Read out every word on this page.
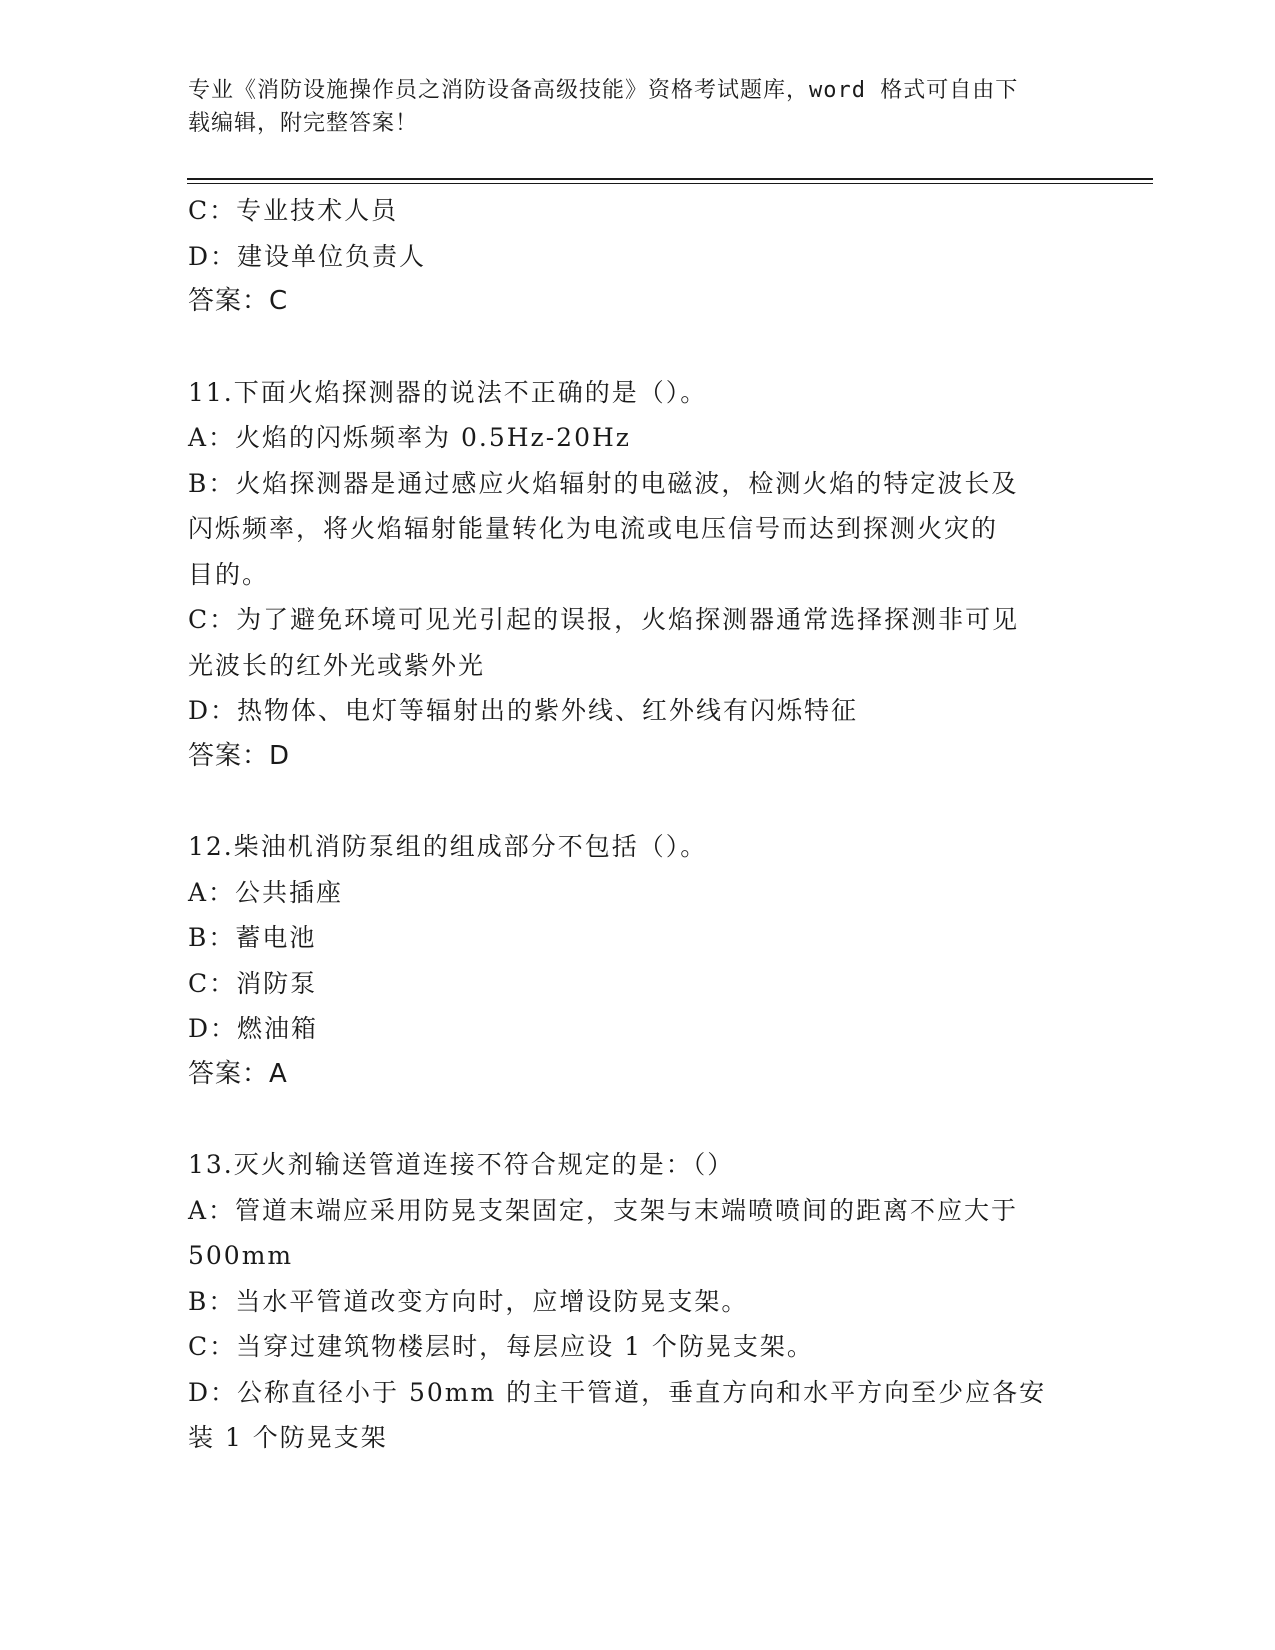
专业《消防设施操作员之消防设备高级技能》资格考试题库，word 格式可自由下
载编辑，附完整答案！
C：专业技术人员
D：建设单位负责人
答案：C
11.下面火焰探测器的说法不正确的是（）。
A：火焰的闪烁频率为 0.5Hz-20Hz
B：火焰探测器是通过感应火焰辐射的电磁波，检测火焰的特定波长及
闪烁频率，将火焰辐射能量转化为电流或电压信号而达到探测火灾的
目的。
C：为了避免环境可见光引起的误报，火焰探测器通常选择探测非可见
光波长的红外光或紫外光
D：热物体、电灯等辐射出的紫外线、红外线有闪烁特征
答案：D
12.柴油机消防泵组的组成部分不包括（）。
A：公共插座
B：蓄电池
C：消防泵
D：燃油箱
答案：A
13.灭火剂输送管道连接不符合规定的是：（）
A：管道末端应采用防晃支架固定，支架与末端喷喷间的距离不应大于
500mm
B：当水平管道改变方向时，应增设防晃支架。
C：当穿过建筑物楼层时，每层应设 1 个防晃支架。
D：公称直径小于 50mm 的主干管道，垂直方向和水平方向至少应各安
装 1 个防晃支架
